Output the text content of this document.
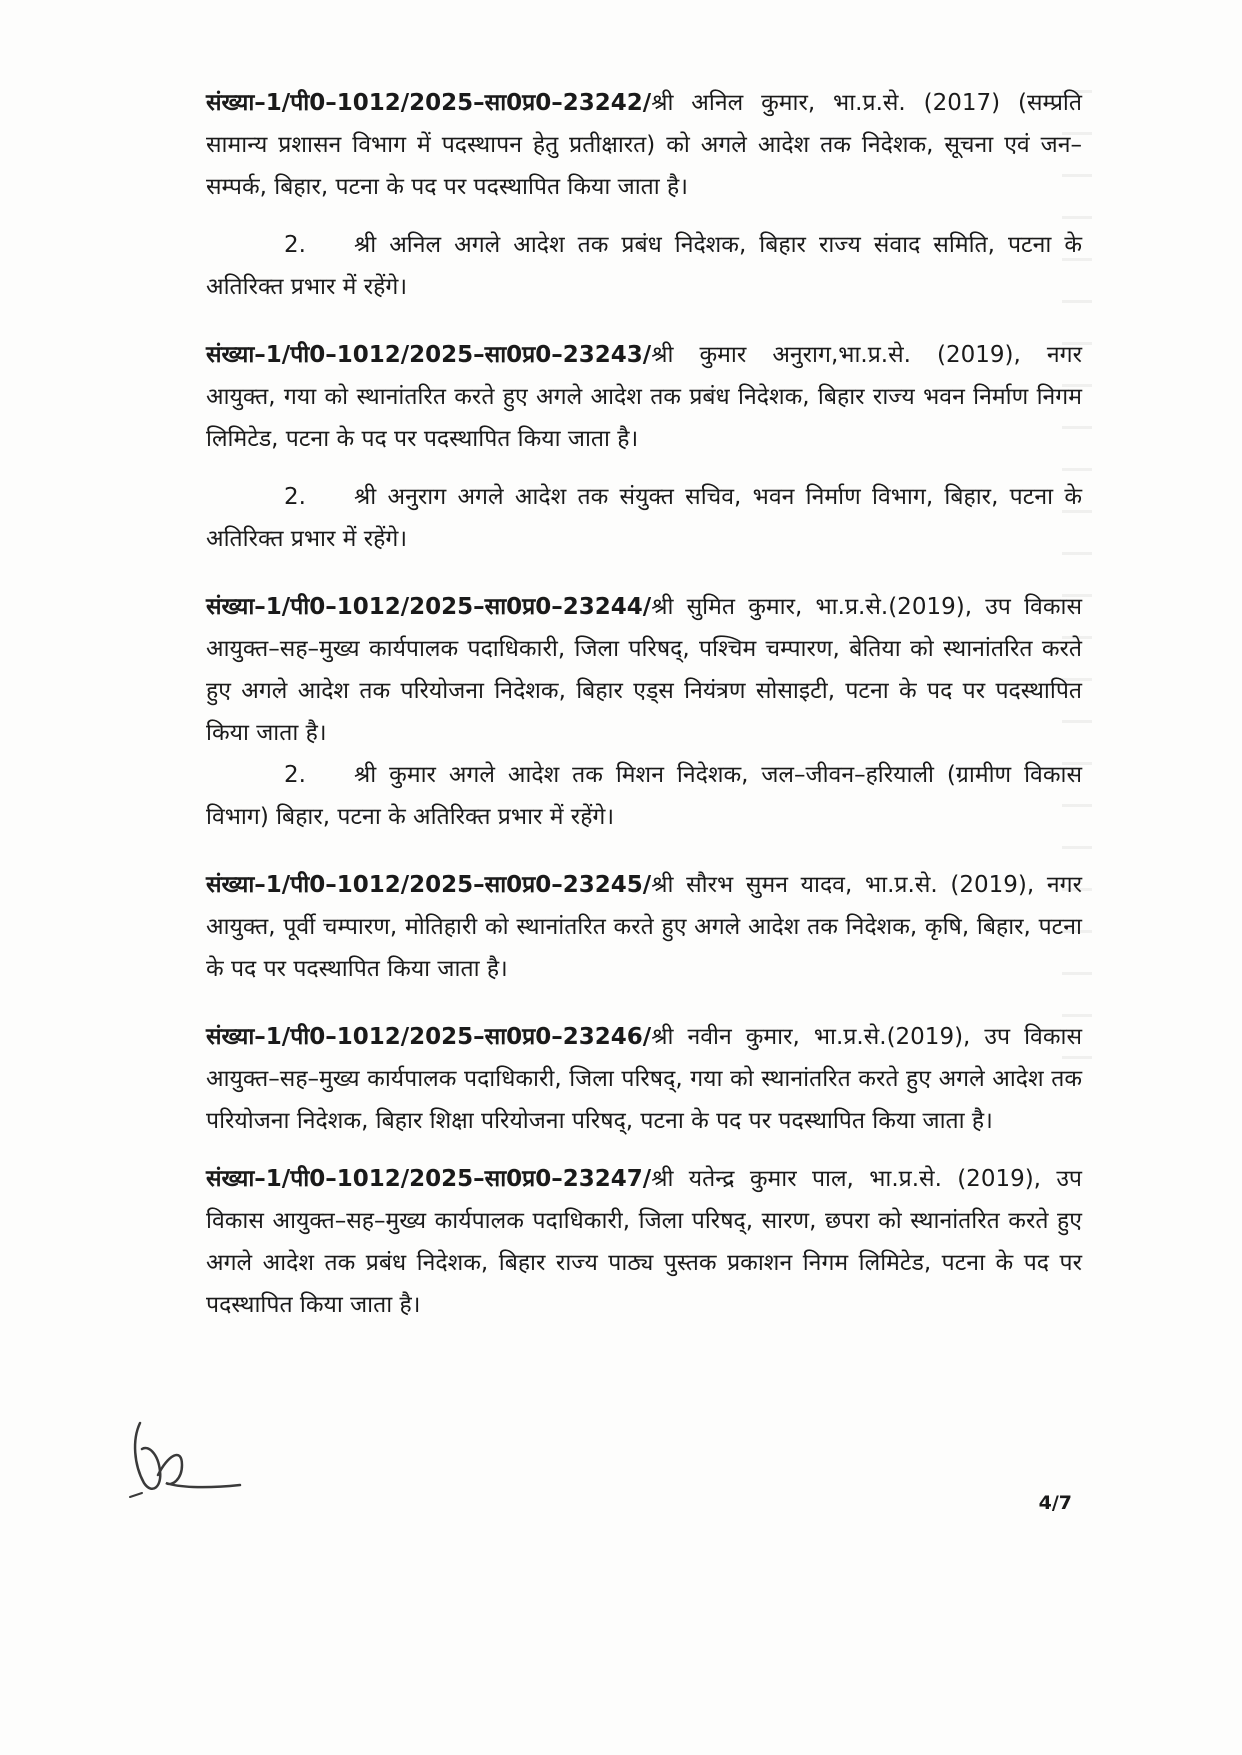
संख्या–1/पी0–1012/2025–सा0प्र0–23242/श्री अनिल कुमार, भा.प्र.से. (2017) (सम्प्रति सामान्य प्रशासन विभाग में पदस्थापन हेतु प्रतीक्षारत) को अगले आदेश तक निदेशक, सूचना एवं जन–सम्पर्क, बिहार, पटना के पद पर पदस्थापित किया जाता है।

2. श्री अनिल अगले आदेश तक प्रबंध निदेशक, बिहार राज्य संवाद समिति, पटना के अतिरिक्त प्रभार में रहेंगे।

संख्या–1/पी0–1012/2025–सा0प्र0–23243/श्री कुमार अनुराग,भा.प्र.से. (2019), नगर आयुक्त, गया को स्थानांतरित करते हुए अगले आदेश तक प्रबंध निदेशक, बिहार राज्य भवन निर्माण निगम लिमिटेड, पटना के पद पर पदस्थापित किया जाता है।

2. श्री अनुराग अगले आदेश तक संयुक्त सचिव, भवन निर्माण विभाग, बिहार, पटना के अतिरिक्त प्रभार में रहेंगे।

संख्या–1/पी0–1012/2025–सा0प्र0–23244/श्री सुमित कुमार, भा.प्र.से.(2019), उप विकास आयुक्त–सह–मुख्य कार्यपालक पदाधिकारी, जिला परिषद्, पश्चिम चम्पारण, बेतिया को स्थानांतरित करते हुए अगले आदेश तक परियोजना निदेशक, बिहार एड्स नियंत्रण सोसाइटी, पटना के पद पर पदस्थापित किया जाता है।

2. श्री कुमार अगले आदेश तक मिशन निदेशक, जल–जीवन–हरियाली (ग्रामीण विकास विभाग) बिहार, पटना के अतिरिक्त प्रभार में रहेंगे।

संख्या–1/पी0–1012/2025–सा0प्र0–23245/श्री सौरभ सुमन यादव, भा.प्र.से. (2019), नगर आयुक्त, पूर्वी चम्पारण, मोतिहारी को स्थानांतरित करते हुए अगले आदेश तक निदेशक, कृषि, बिहार, पटना के पद पर पदस्थापित किया जाता है।

संख्या–1/पी0–1012/2025–सा0प्र0–23246/श्री नवीन कुमार, भा.प्र.से.(2019), उप विकास आयुक्त–सह–मुख्य कार्यपालक पदाधिकारी, जिला परिषद्, गया को स्थानांतरित करते हुए अगले आदेश तक परियोजना निदेशक, बिहार शिक्षा परियोजना परिषद्, पटना के पद पर पदस्थापित किया जाता है।

संख्या–1/पी0–1012/2025–सा0प्र0–23247/श्री यतेन्द्र कुमार पाल, भा.प्र.से. (2019), उप विकास आयुक्त–सह–मुख्य कार्यपालक पदाधिकारी, जिला परिषद्, सारण, छपरा को स्थानांतरित करते हुए अगले आदेश तक प्रबंध निदेशक, बिहार राज्य पाठ्य पुस्तक प्रकाशन निगम लिमिटेड, पटना के पद पर पदस्थापित किया जाता है।

4/7
